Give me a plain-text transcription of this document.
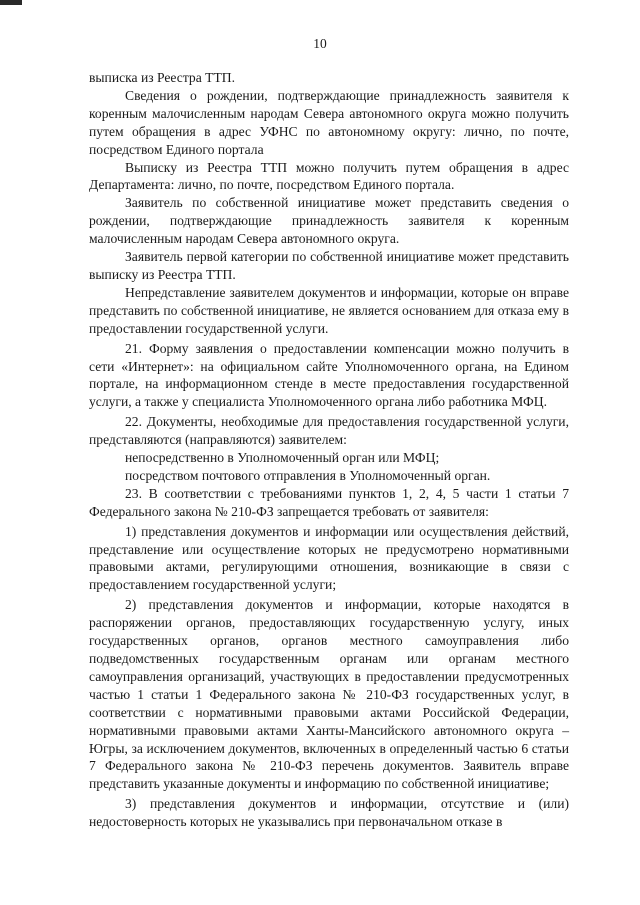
10

выписка из Реестра ТТП.

Сведения о рождении, подтверждающие принадлежность заявителя к коренным малочисленным народам Севера автономного округа можно получить путем обращения в адрес УФНС по автономному округу: лично, по почте, посредством Единого портала

Выписку из Реестра ТТП можно получить путем обращения в адрес Департамента: лично, по почте, посредством Единого портала.

Заявитель по собственной инициативе может представить сведения о рождении, подтверждающие принадлежность заявителя к коренным малочисленным народам Севера автономного округа.

Заявитель первой категории по собственной инициативе может представить выписку из Реестра ТТП.

Непредставление заявителем документов и информации, которые он вправе представить по собственной инициативе, не является основанием для отказа ему в предоставлении государственной услуги.

21. Форму заявления о предоставлении компенсации можно получить в сети «Интернет»: на официальном сайте Уполномоченного органа, на Едином портале, на информационном стенде в месте предоставления государственной услуги, а также у специалиста Уполномоченного органа либо работника МФЦ.

22. Документы, необходимые для предоставления государственной услуги, представляются (направляются) заявителем:

непосредственно в Уполномоченный орган или МФЦ;

посредством почтового отправления в Уполномоченный орган.

23. В соответствии с требованиями пунктов 1, 2, 4, 5 части 1 статьи 7 Федерального закона № 210-ФЗ запрещается требовать от заявителя:

1) представления документов и информации или осуществления действий, представление или осуществление которых не предусмотрено нормативными правовыми актами, регулирующими отношения, возникающие в связи с предоставлением государственной услуги;

2) представления документов и информации, которые находятся в распоряжении органов, предоставляющих государственную услугу, иных государственных органов, органов местного самоуправления либо подведомственных государственным органам или органам местного самоуправления организаций, участвующих в предоставлении предусмотренных частью 1 статьи 1 Федерального закона № 210-ФЗ государственных услуг, в соответствии с нормативными правовыми актами Российской Федерации, нормативными правовыми актами Ханты-Мансийского автономного округа – Югры, за исключением документов, включенных в определенный частью 6 статьи 7 Федерального закона № 210-ФЗ перечень документов. Заявитель вправе представить указанные документы и информацию по собственной инициативе;

3) представления документов и информации, отсутствие и (или) недостоверность которых не указывались при первоначальном отказе в
